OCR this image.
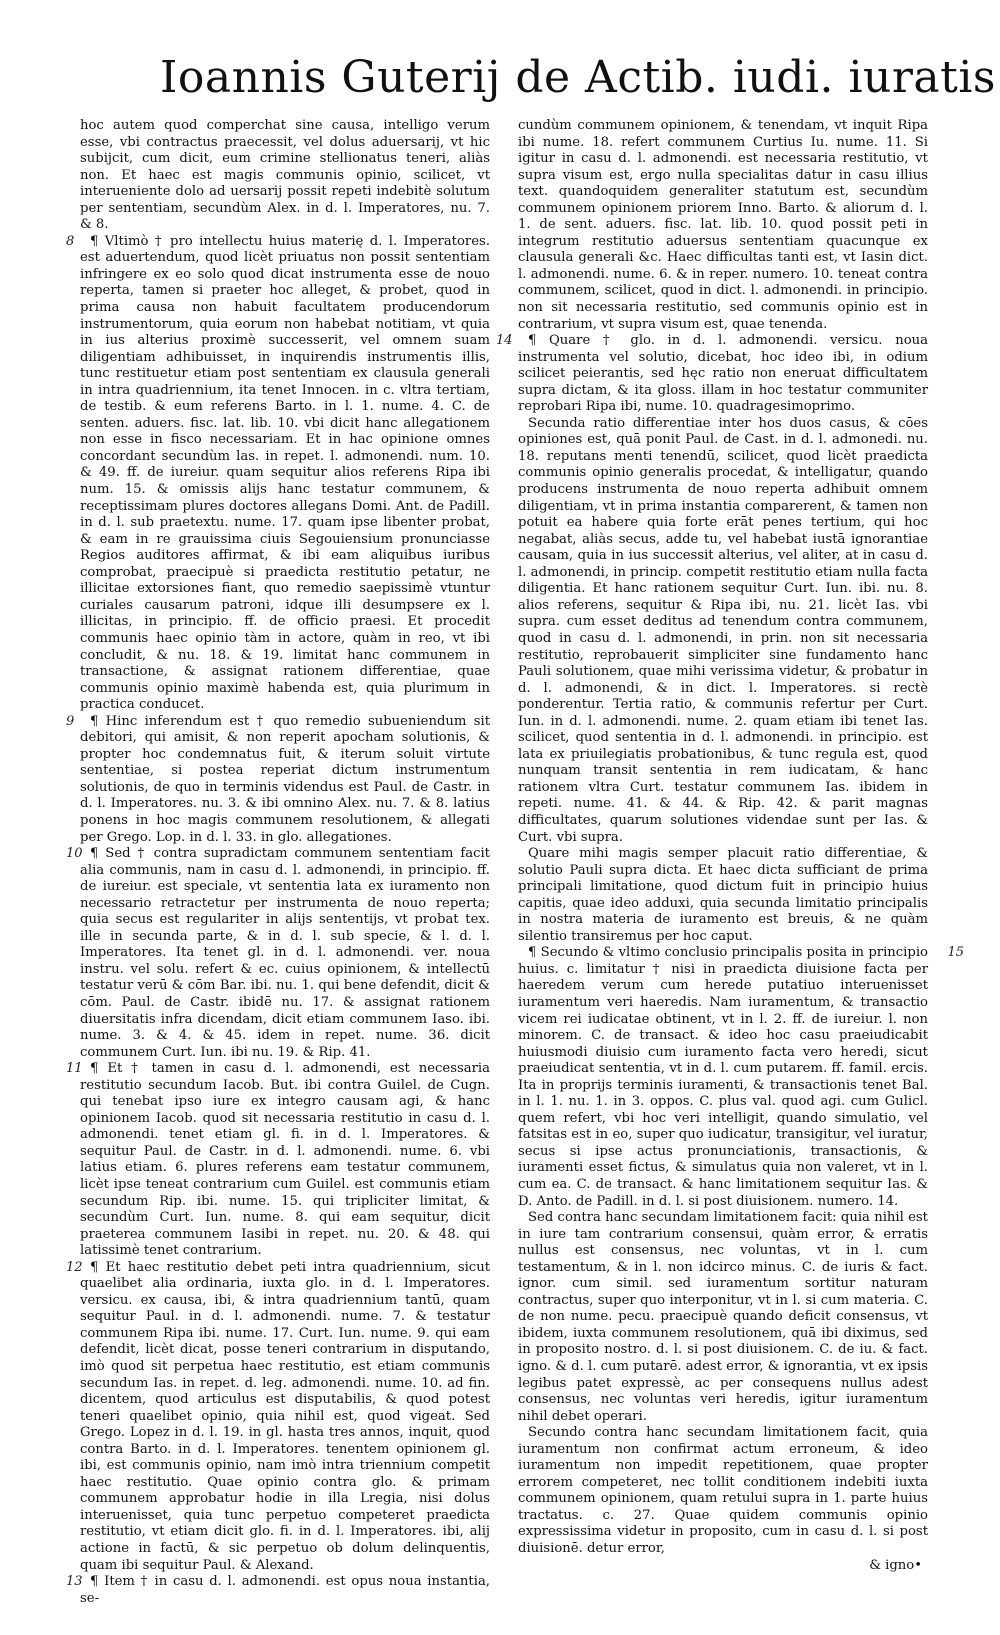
Ioannis Guterij de Actib. iudi. iuratis

hoc autem quod comperchat sine causa, intelligo verum esse, vbi contractus praecessit, vel dolus aduersarij, vt hic subijcit, cum dicit, eum crimine stellionatus teneri, aliàs non. Et haec est magis communis opinio, scilicet, vt interueniente dolo ad uersarij possit repeti indebitè solutum per sententiam, secundùm Alex. in d. l. Imperatores, nu. 7. & 8.

8 ¶ Vltimò † pro intellectu huius materię d. l. Imperatores. est aduertendum, quod licèt priuatus non possit sententiam infringere ex eo solo quod dicat instrumenta esse de nouo reperta, tamen si praeter hoc alleget, & probet, quod in prima causa non habuit facultatem producendorum instrumentorum, quia eorum non habebat notitiam, vt quia in ius alterius proximè successerit, vel omnem suam diligentiam adhibuisset, in inquirendis instrumentis illis, tunc restituetur etiam post sententiam ex clausula generali in intra quadriennium, ita tenet Innocen. in c. vltra tertiam, de testib. & eum referens Barto. in l. 1. nume. 4. C. de senten. aduers. fisc. lat. lib. 10. vbi dicit hanc allegationem non esse in fisco necessariam. Et in hac opinione omnes concordant secundùm las. in repet. l. admonendi. num. 10. & 49. ff. de iureiur. quam sequitur alios referens Ripa ibi num. 15. & omissis alijs hanc testatur communem, & receptissimam plures doctores allegans Domi. Ant. de Padill. in d. l. sub praetextu. nume. 17. quam ipse libenter probat, & eam in re grauissima ciuis Segouiensium pronunciasse Regios auditores affirmat, & ibi eam aliquibus iuribus comprobat, praecipuè si praedicta restitutio petatur, ne illicitae extorsiones fiant, quo remedio saepissimè vtuntur curiales causarum patroni, idque illi desumpsere ex l. illicitas, in principio. ff. de officio praesi. Et procedit communis haec opinio tàm in actore, quàm in reo, vt ibi concludit, & nu. 18. & 19. limitat hanc communem in transactione, & assignat rationem differentiae, quae communis opinio maximè habenda est, quia plurimum in practica conducet.

9 ¶ Hinc inferendum est † quo remedio subueniendum sit debitori, qui amisit, & non reperit apocham solutionis, & propter hoc condemnatus fuit, & iterum soluit virtute sententiae, si postea reperiat dictum instrumentum solutionis, de quo in terminis videndus est Paul. de Castr. in d. l. Imperatores. nu. 3. & ibi omnino Alex. nu. 7. & 8. latius ponens in hoc magis communem resolutionem, & allegati per Grego. Lop. in d. l. 33. in glo. allegationes.

10 ¶ Sed † contra supradictam communem sententiam facit alia communis, nam in casu d. l. admonendi, in principio. ff. de iureiur. est speciale, vt sententia lata ex iuramento non necessario retractetur per instrumenta de nouo reperta; quia secus est regulariter in alijs sententijs, vt probat tex. ille in secunda parte, & in d. l. sub specie, & l. d. l. Imperatores. Ita tenet gl. in d. l. admonendi. ver. noua instru. vel solu. refert & ec. cuius opinionem, & intellectū testatur verū & cōm Bar. ibi. nu. 1. qui bene defendit, dicit & cōm. Paul. de Castr. ibidē nu. 17. & assignat rationem diuersitatis infra dicendam, dicit etiam communem Iaso. ibi. nume. 3. & 4. & 45. idem in repet. nume. 36. dicit communem Curt. Iun. ibi nu. 19. & Rip. 41.

11 ¶ Et † tamen in casu d. l. admonendi, est necessaria restitutio secundum Iacob. But. ibi contra Guilel. de Cugn. qui tenebat ipso iure ex integro causam agi, & hanc opinionem Iacob. quod sit necessaria restitutio in casu d. l. admonendi. tenet etiam gl. fi. in d. l. Imperatores. & sequitur Paul. de Castr. in d. l. admonendi. nume. 6. vbi latius etiam. 6. plures referens eam testatur communem, licèt ipse teneat contrarium cum Guilel. est communis etiam secundum Rip. ibi. nume. 15. qui tripliciter limitat, & secundùm Curt. Iun. nume. 8. qui eam sequitur, dicit praeterea communem Iasibi in repet. nu. 20. & 48. qui latissimè tenet contrarium.

12 ¶ Et haec restitutio debet peti intra quadriennium, sicut quaelibet alia ordinaria, iuxta glo. in d. l. Imperatores. versicu. ex causa, ibi, & intra quadriennium tantū, quam sequitur Paul. in d. l. admonendi. nume. 7. & testatur communem Ripa ibi. nume. 17. Curt. Iun. nume. 9. qui eam defendit, licèt dicat, posse teneri contrarium in disputando, imò quod sit perpetua haec restitutio, est etiam communis secundum Ias. in repet. d. leg. admonendi. nume. 10. ad fin. dicentem, quod articulus est disputabilis, & quod potest teneri quaelibet opinio, quia nihil est, quod vigeat. Sed Grego. Lopez in d. l. 19. in gl. hasta tres annos, inquit, quod contra Barto. in d. l. Imperatores. tenentem opinionem gl. ibi, est communis opinio, nam imò intra triennium competit haec restitutio. Quae opinio contra glo. & primam communem approbatur hodie in illa Lregia, nisi dolus interuenisset, quia tunc perpetuo competeret praedicta restitutio, vt etiam dicit glo. fi. in d. l. Imperatores. ibi, alij actione in factū, & sic perpetuo ob dolum delinquentis, quam ibi sequitur Paul. & Alexand.

13 ¶ Item † in casu d. l. admonendi. est opus noua instantia, se-

cundùm communem opinionem, & tenendam, vt inquit Ripa ibi nume. 18. refert communem Curtius Iu. nume. 11. Si igitur in casu d. l. admonendi. est necessaria restitutio, vt supra visum est, ergo nulla specialitas datur in casu illius text. quandoquidem generaliter statutum est, secundùm communem opinionem priorem Inno. Barto. & aliorum d. l. 1. de sent. aduers. fisc. lat. lib. 10. quod possit peti in integrum restitutio aduersus sententiam quacunque ex clausula generali &c. Haec difficultas tanti est, vt Iasin dict. l. admonendi. nume. 6. & in reper. numero. 10. teneat contra communem, scilicet, quod in dict. l. admonendi. in principio. non sit necessaria restitutio, sed communis opinio est in contrarium, vt supra visum est, quae tenenda.

14 ¶ Quare † glo. in d. l. admonendi. versicu. noua instrumenta vel solutio, dicebat, hoc ideo ibi, in odium scilicet peierantis, sed hęc ratio non eneruat difficultatem supra dictam, & ita gloss. illam in hoc testatur communiter reprobari Ripa ibi, nume. 10. quadragesimoprimo.

Secunda ratio differentiae inter hos duos casus, & cōes opiniones est, quā ponit Paul. de Cast. in d. l. admonedi. nu. 18. reputans menti tenendū, scilicet, quod licèt praedicta communis opinio generalis procedat, & intelligatur, quando producens instrumenta de nouo reperta adhibuit omnem diligentiam, vt in prima instantia comparerent, & tamen non potuit ea habere quia forte erāt penes tertium, qui hoc negabat, aliàs secus, adde tu, vel habebat iustā ignorantiae causam, quia in ius successit alterius, vel aliter, at in casu d. l. admonendi, in princip. competit restitutio etiam nulla facta diligentia. Et hanc rationem sequitur Curt. Iun. ibi. nu. 8. alios referens, sequitur & Ripa ibi, nu. 21. licèt Ias. vbi supra. cum esset deditus ad tenendum contra communem, quod in casu d. l. admonendi, in prin. non sit necessaria restitutio, reprobauerit simpliciter sine fundamento hanc Pauli solutionem, quae mihi verissima videtur, & probatur in d. l. admonendi, & in dict. l. Imperatores. si rectè ponderentur. Tertia ratio, & communis refertur per Curt. Iun. in d. l. admonendi. nume. 2. quam etiam ibi tenet Ias. scilicet, quod sententia in d. l. admonendi. in principio. est lata ex priuilegiatis probationibus, & tunc regula est, quod nunquam transit sententia in rem iudicatam, & hanc rationem vltra Curt. testatur communem Ias. ibidem in repeti. nume. 41. & 44. & Rip. 42. & parit magnas difficultates, quarum solutiones videndae sunt per Ias. & Curt. vbi supra.

Quare mihi magis semper placuit ratio differentiae, & solutio Pauli supra dicta. Et haec dicta sufficiant de prima principali limitatione, quod dictum fuit in principio huius capitis, quae ideo adduxi, quia secunda limitatio principalis in nostra materia de iuramento est breuis, & ne quàm silentio transiremus per hoc caput.

15
¶ Secundo & vltimo conclusio principalis posita in principio huius. c. limitatur † nisi in praedicta diuisione facta per haeredem verum cum herede putatiuo interuenisset iuramentum veri haeredis. Nam iuramentum, & transactio vicem rei iudicatae obtinent, vt in l. 2. ff. de iureiur. l. non minorem. C. de transact. & ideo hoc casu praeiudicabit huiusmodi diuisio cum iuramento facta vero heredi, sicut praeiudicat sententia, vt in d. l. cum putarem. ff. famil. ercis. Ita in proprijs terminis iuramenti, & transactionis tenet Bal. in l. 1. nu. 1. in 3. oppos. C. plus val. quod agi. cum Gulicl. quem refert, vbi hoc veri intelligit, quando simulatio, vel fatsitas est in eo, super quo iudicatur, transigitur, vel iuratur, secus si ipse actus pronunciationis, transactionis, & iuramenti esset fictus, & simulatus quia non valeret, vt in l. cum ea. C. de transact. & hanc limitationem sequitur Ias. & D. Anto. de Padill. in d. l. si post diuisionem. numero. 14.

Sed contra hanc secundam limitationem facit: quia nihil est in iure tam contrarium consensui, quàm error, & erratis nullus est consensus, nec voluntas, vt in l. cum testamentum, & in l. non idcirco minus. C. de iuris & fact. ignor. cum simil. sed iuramentum sortitur naturam contractus, super quo interponitur, vt in l. si cum materia. C. de non nume. pecu. praecipuè quando deficit consensus, vt ibidem, iuxta communem resolutionem, quā ibi diximus, sed in proposito nostro. d. l. si post diuisionem. C. de iu. & fact. igno. & d. l. cum putarē. adest error, & ignorantia, vt ex ipsis legibus patet expressè, ac per consequens nullus adest consensus, nec voluntas veri heredis, igitur iuramentum nihil debet operari.

Secundo contra hanc secundam limitationem facit, quia iuramentum non confirmat actum erroneum, & ideo iuramentum non impedit repetitionem, quae propter errorem competeret, nec tollit conditionem indebiti iuxta communem opinionem, quam retului supra in 1. parte huius tractatus. c. 27. Quae quidem communis opinio expressissima videtur in proposito, cum in casu d. l. si post diuisionē. detur error,

& igno•
